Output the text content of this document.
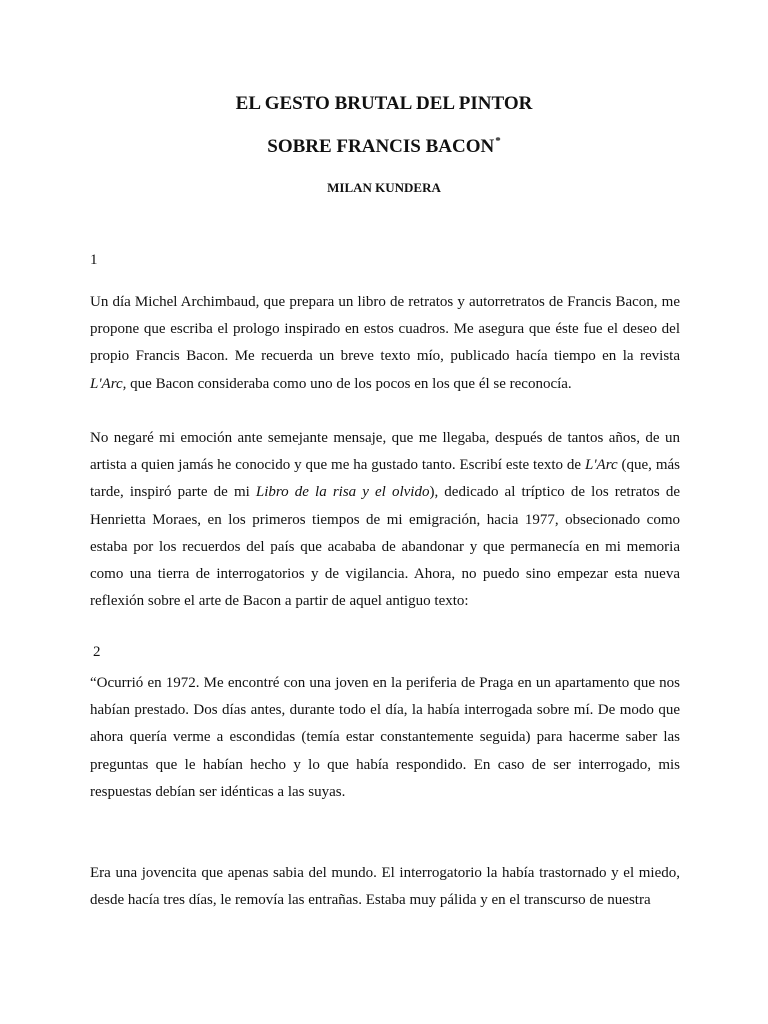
EL GESTO BRUTAL DEL PINTOR
SOBRE FRANCIS BACON*
MILAN KUNDERA

1

Un día Michel Archimbaud, que prepara un libro de retratos y autorretratos de Francis Bacon, me propone que escriba el prologo inspirado en estos cuadros. Me asegura que éste fue el deseo del propio Francis Bacon. Me recuerda un breve texto mío, publicado hacía tiempo en la revista L'Arc, que Bacon consideraba como uno de los pocos en los que él se reconocía.

No negaré mi emoción ante semejante mensaje, que me llegaba, después de tantos años, de un artista a quien jamás he conocido y que me ha gustado tanto. Escribí este texto de L'Arc (que, más tarde, inspiró parte de mi Libro de la risa y el olvido), dedicado al tríptico de los retratos de Henrietta Moraes, en los primeros tiempos de mi emigración, hacia 1977, obsecionado como estaba por los recuerdos del país que acababa de abandonar y que permanecía en mi memoria como una tierra de interrogatorios y de vigilancia. Ahora, no puedo sino empezar esta nueva reflexión sobre el arte de Bacon a partir de aquel antiguo texto:

2

“Ocurrió en 1972. Me encontré con una joven en la periferia de Praga en un apartamento que nos habían prestado. Dos días antes, durante todo el día, la había interrogada sobre mí. De modo que ahora quería verme a escondidas (temía estar constantemente seguida) para hacerme saber las preguntas que le habían hecho y lo que había respondido. En caso de ser interrogado, mis respuestas debían ser idénticas a las suyas.

Era una jovencita que apenas sabia del mundo. El interrogatorio la había trastornado y el miedo, desde hacía tres días, le removía las entrañas. Estaba muy pálida y en el transcurso de nuestra
